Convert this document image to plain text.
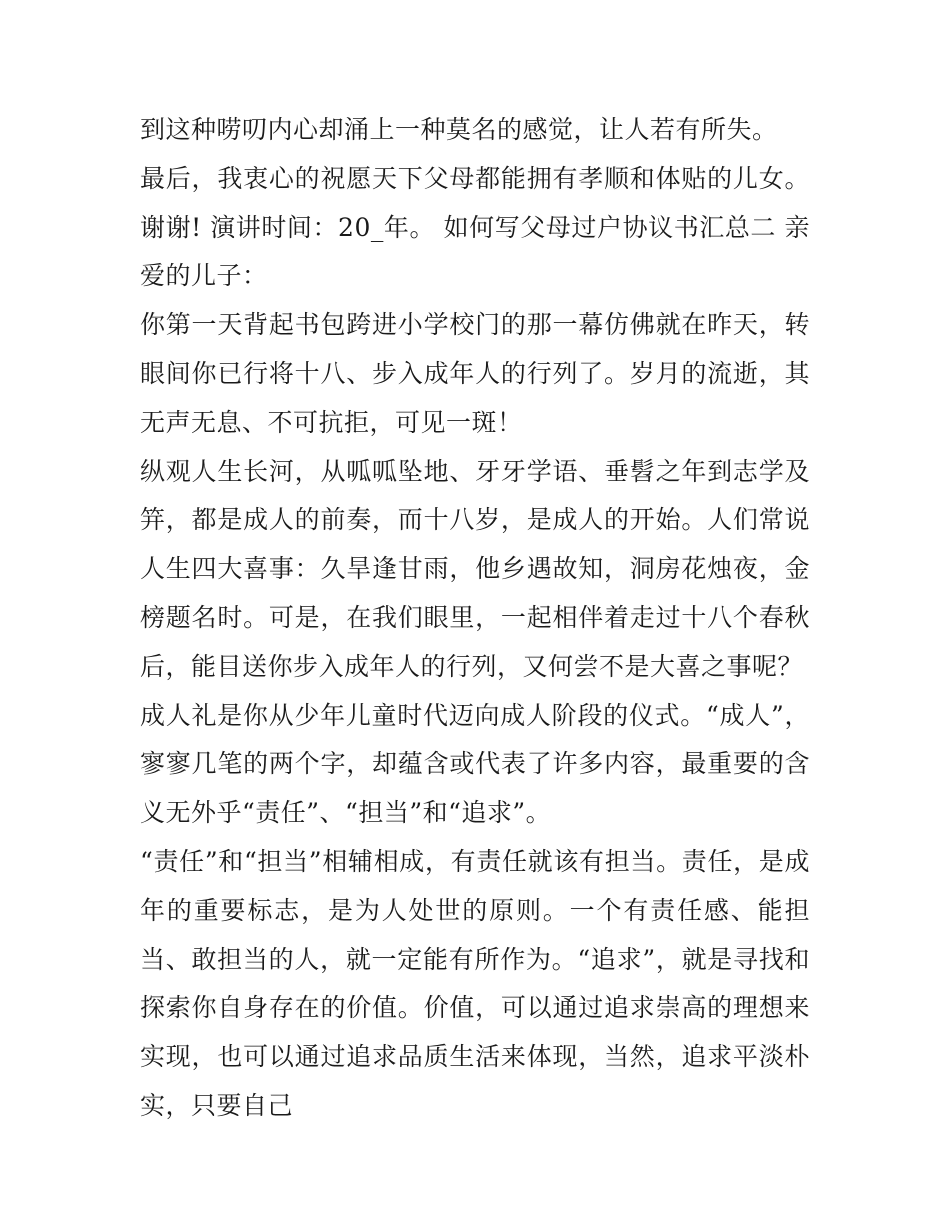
到这种唠叨内心却涌上一种莫名的感觉，让人若有所失。

最后，我衷心的祝愿天下父母都能拥有孝顺和体贴的儿女。谢谢! 演讲时间：20_年。 如何写父母过户协议书汇总二 亲爱的儿子：

你第一天背起书包跨进小学校门的那一幕仿佛就在昨天，转眼间你已行将十八、步入成年人的行列了。岁月的流逝，其无声无息、不可抗拒，可见一斑！

纵观人生长河，从呱呱坠地、牙牙学语、垂髫之年到志学及笄，都是成人的前奏，而十八岁，是成人的开始。人们常说人生四大喜事：久旱逢甘雨，他乡遇故知，洞房花烛夜，金榜题名时。可是，在我们眼里，一起相伴着走过十八个春秋后，能目送你步入成年人的行列，又何尝不是大喜之事呢？

成人礼是你从少年儿童时代迈向成人阶段的仪式。“成人”，寥寥几笔的两个字，却蕴含或代表了许多内容，最重要的含义无外乎“责任”、“担当”和“追求”。

“责任”和“担当”相辅相成，有责任就该有担当。责任，是成年的重要标志，是为人处世的原则。一个有责任感、能担当、敢担当的人，就一定能有所作为。“追求”，就是寻找和探索你自身存在的价值。价值，可以通过追求崇高的理想来实现，也可以通过追求品质生活来体现，当然，追求平淡朴实，只要自己
